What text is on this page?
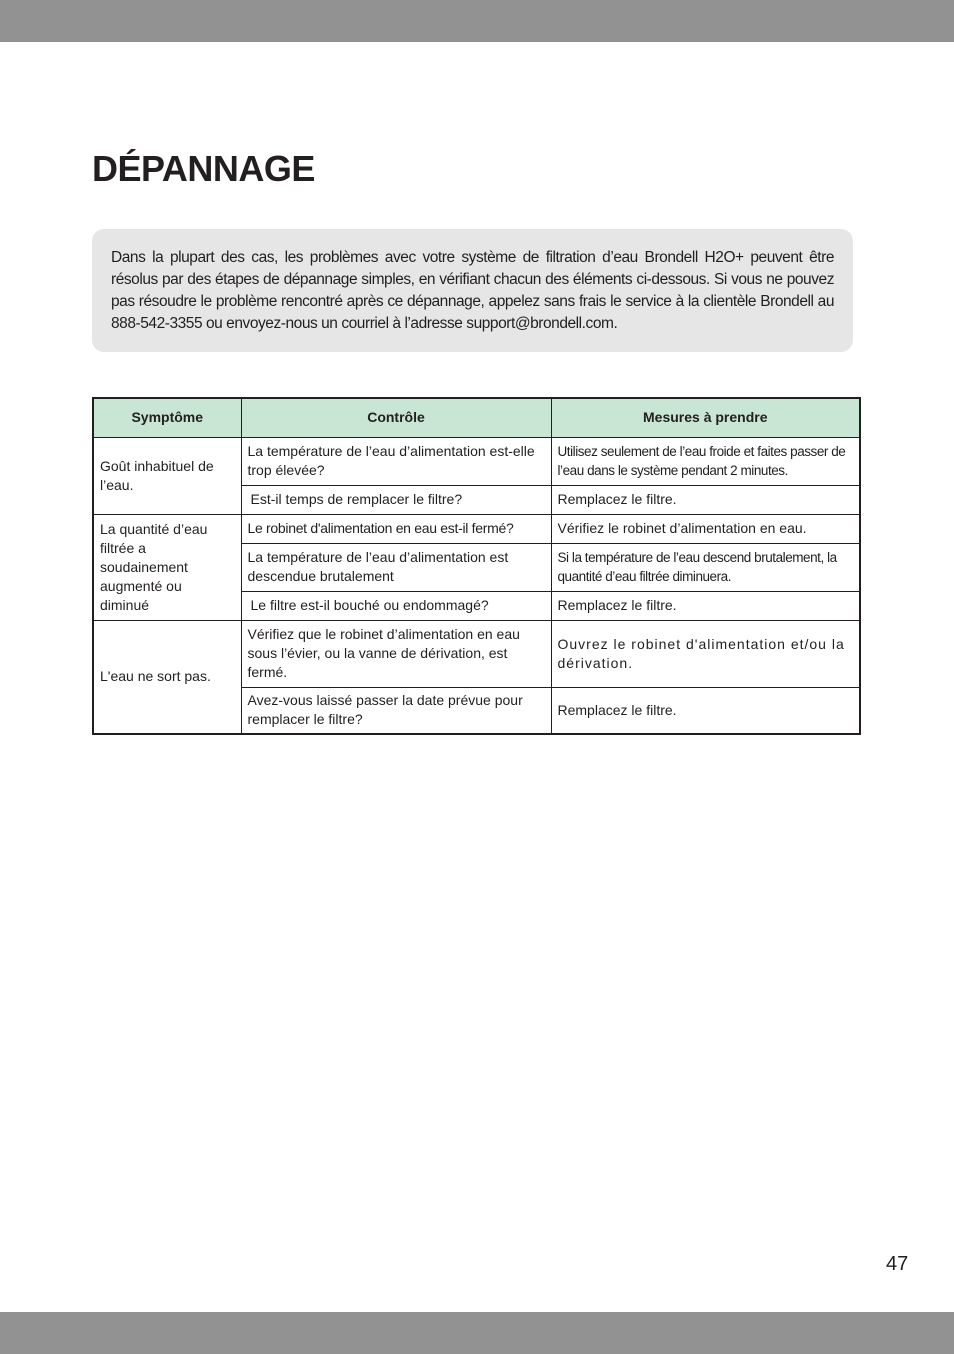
DÉPANNAGE

Dans la plupart des cas, les problèmes avec votre système de filtration d’eau Brondell H2O+ peuvent être résolus par des étapes de dépannage simples, en vérifiant chacun des éléments ci-dessous. Si vous ne pouvez pas résoudre le problème rencontré après ce dépannage, appelez sans frais le service à la clientèle Brondell au 888-542-3355 ou envoyez-nous un courriel à l’adresse support@brondell.com.

Symptôme	Contrôle	Mesures à prendre
Goût inhabituel de l’eau.	La température de l’eau d’alimentation est-elle trop élevée?	Utilisez seulement de l’eau froide et faites passer de l’eau dans le système pendant 2 minutes.
	Est-il temps de remplacer le filtre?	Remplacez le filtre.
La quantité d’eau filtrée a soudainement augmenté ou diminué	Le robinet d'alimentation en eau est-il fermé?	Vérifiez le robinet d’alimentation en eau.
	La température de l’eau d’alimentation est descendue brutalement	Si la température de l’eau descend brutalement, la quantité d’eau filtrée diminuera.
	Le filtre est-il bouché ou endommagé?	Remplacez le filtre.
L'eau ne sort pas.	Vérifiez que le robinet d’alimentation en eau sous l’évier, ou la vanne de dérivation, est fermé.	Ouvrez le robinet d'alimentation et/ou la dérivation.
	Avez-vous laissé passer la date prévue pour remplacer le filtre?	Remplacez le filtre.
47
